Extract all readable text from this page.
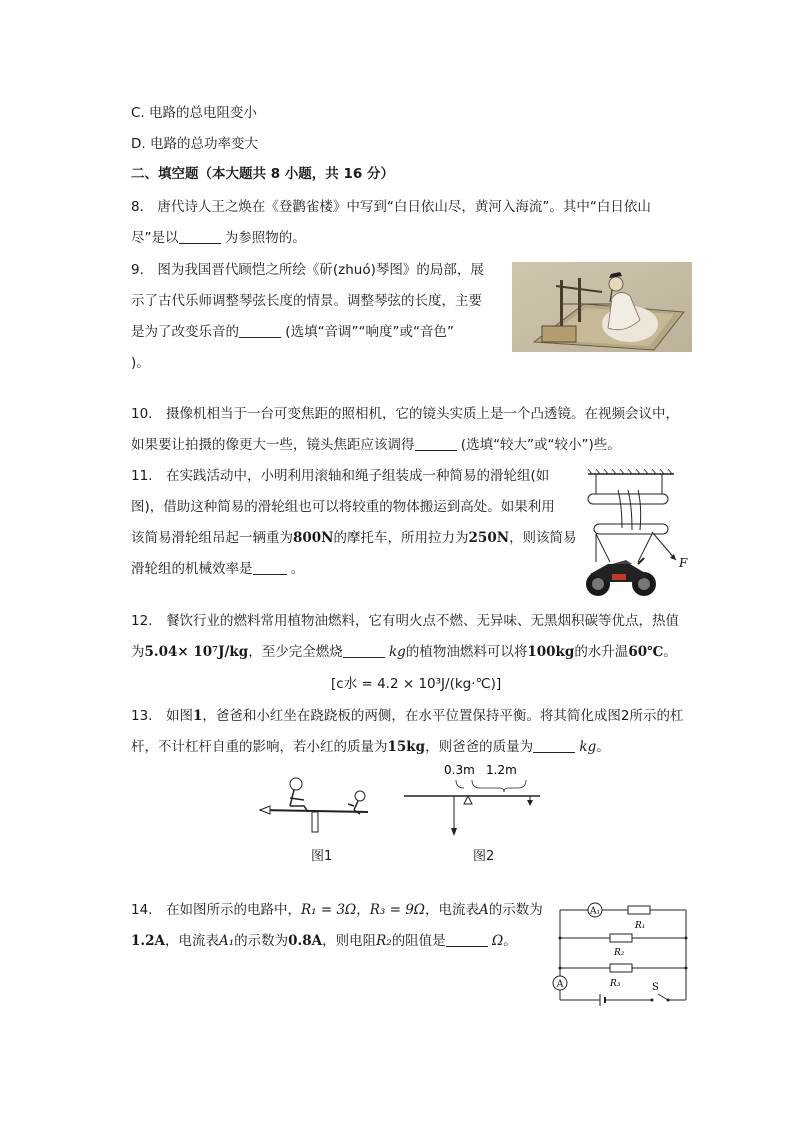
C. 电路的总电阻变小
D. 电路的总功率变大
二、填空题（本大题共 8 小题，共 16 分）
8.　唐代诗人王之焕在《登鹳雀楼》中写到“白日依山尽，黄河入海流”。其中“白日依山
尽”是以	为参照物的。
9.　图为我国晋代顾恺之所绘《斫(zhuó)琴图》的局部，展
示了古代乐师调整琴弦长度的情景。调整琴弦的长度，主要
是为了改变乐音的	(选填“音调”“响度”或“音色”
)。
10.　摄像机相当于一台可变焦距的照相机，它的镜头实质上是一个凸透镜。在视频会议中，
如果要让拍摄的像更大一些，镜头焦距应该调得	(选填“较大”或“较小”)些。
11.　在实践活动中，小明利用滚轴和绳子组装成一种简易的滑轮组(如
图)，借助这种简易的滑轮组也可以将较重的物体搬运到高处。如果利用
该简易滑轮组吊起一辆重为800N的摩托车，所用拉力为250N，则该简易
滑轮组的机械效率是	。	F
12.　餐饮行业的燃料常用植物油燃料，它有明火点不燃、无异味、无黑烟积碳等优点，热值
为5.04× 10⁷J/kg，至少完全燃烧	kg的植物油燃料可以将100kg的水升温60℃。
[c水 = 4.2 × 10³J/(kg·℃)]
13.　如图1，爸爸和小红坐在跷跷板的两侧，在水平位置保持平衡。将其简化成图2所示的杠
杆，不计杠杆自重的影响，若小红的质量为15kg，则爸爸的质量为	kg。
图1
0.3m 1.2m
图2
14.　在如图所示的电路中，R₁ = 3Ω，R₃ = 9Ω，电流表A的示数为
1.2A，电流表A₁的示数为0.8A，则电阻R₂的阻值是	Ω。
A₁
A
R₁
R₂
R₃	S
